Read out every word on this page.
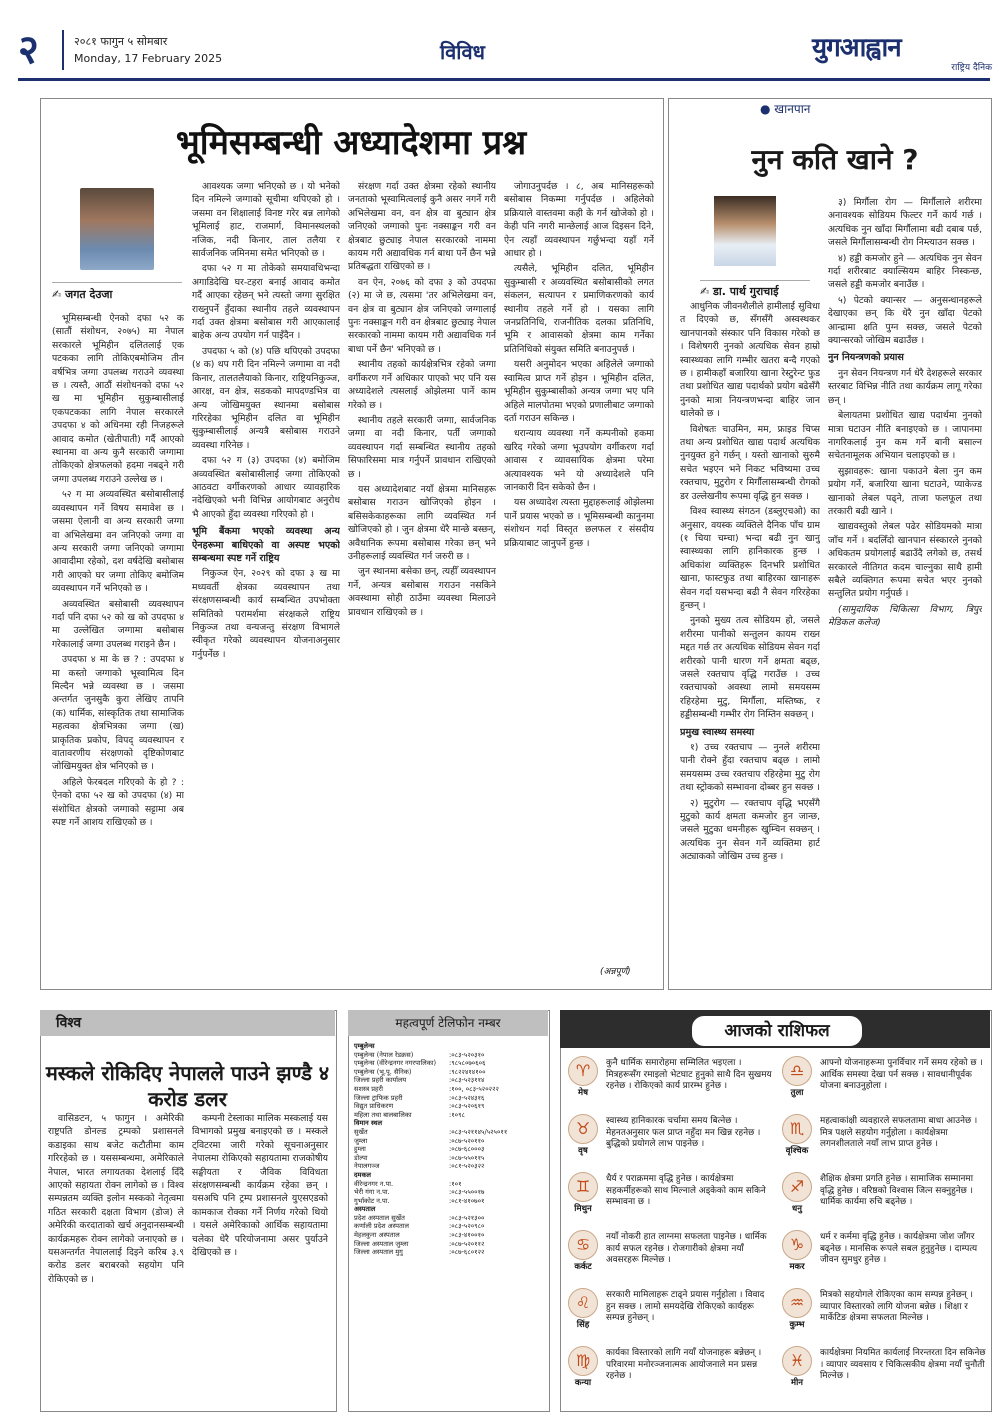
२	२०८१ फागुन ५ सोमबार
Monday, 17 February 2025	विविध	युगआह्वान
राष्ट्रिय दैनिक
भूमिसम्बन्धी अध्यादेशमा प्रश्न
✍ जगत देउजा

भूमिसम्बन्धी ऐनको दफा ५२ क (सातौं संशोधन, २०७५) मा नेपाल सरकारले भूमिहीन दलितलाई एक पटकका लागि तोकिएबमोजिम तीन वर्षभित्र जग्गा उपलब्ध गराउने व्यवस्था छ । त्यस्तै, आठौं संशोधनको दफा ५२ ख मा भूमिहीन सुकुम्बासीलाई एकपटकका लागि नेपाल सरकारले उपदफा ४ को अधिनमा रही निजहरूले आवाद कमोत (खेतीपाती) गर्दै आएको स्थानमा वा अन्य कुनै सरकारी जग्गामा तोकिएको क्षेत्रफलको हदमा नबढ्ने गरी जग्गा उपलब्ध गराउने उल्लेख छ ।

५२ ग मा अव्यवस्थित बसोबासीलाई व्यवस्थापन गर्ने विषय समावेश छ । जसमा ऐलानी वा अन्य सरकारी जग्गा वा अभिलेखमा वन जनिएको जग्गा वा अन्य सरकारी जग्गा जनिएको जग्गामा आवादीमा रहेको, दश वर्षदेखि बसोबास गरी आएको घर जग्गा तोकिए बमोजिम व्यवस्थापन गर्ने भनिएको छ ।

अव्यवस्थित बसोबासी व्यवस्थापन गर्दा पनि दफा ५२ को ख को उपदफा ४ मा उल्लेखित जग्गामा बसोबास गरेकालाई जग्गा उपलब्ध गराइने छैन ।

उपदफा ४ मा के छ ? : उपदफा ४ मा कस्तो जग्गाको भूस्वामित्व दिन मिल्दैन भन्ने व्यवस्था छ । जसमा अन्तर्गत जुनसुकै कुरा लेखिए तापनि (क) धार्मिक, सांस्कृतिक तथा सामाजिक महत्वका क्षेत्रभित्रका जग्गा (ख) प्राकृतिक प्रकोप, विपद् व्यवस्थापन र वातावरणीय संरक्षणको दृष्टिकोणबाट जोखिमयुक्त क्षेत्र भनिएको छ ।

अहिले फेरबदल गरिएको के हो ? : ऐनको दफा ५२ ख को उपदफा (४) मा संशोधित क्षेत्रको जग्गाको सट्टामा अब स्पष्ट गर्ने आशय राखिएको छ ।

आवश्यक जग्गा भनिएको छ । यो भनेको दिन नमिल्ने जग्गाको सूचीमा थपिएको हो । जसमा वन शिक्षालाई विनष्ट गरेर बन्न लागेको भूमिलाई हाट, राजमार्ग, विमानस्थलको नजिक, नदी किनार, ताल तलैया र सार्वजनिक जमिनमा समेत भनिएको छ ।

दफा ५२ ग मा तोकेको समयावधिभन्दा अगाडिदेखि घर-टहरा बनाई आवाद कमोत गर्दै आएका रहेछन् भने त्यस्तो जग्गा सुरक्षित राख्नुपर्ने हुँदाका स्थानीय तहले व्यवस्थापन गर्दा उक्त क्षेत्रमा बसोबास गरी आएकालाई बाहेक अन्य उपयोग गर्न पाइँदैन ।

उपदफा ५ को (४) पछि थपिएको उपदफा (४ क) थप गरी दिन नमिल्ने जग्गामा वा नदी किनार, तालतलैयाको किनार, राष्ट्रियनिकुञ्ज, आरक्ष, वन क्षेत्र, सडकको मापदण्डभित्र वा अन्य जोखिमयुक्त स्थानमा बसोबास गरिरहेका भूमिहीन दलित वा भूमिहीन सुकुम्बासीलाई अन्यत्रै बसोबास गराउने व्यवस्था गरिनेछ ।

दफा ५२ ग (३) उपदफा (४) बमोजिम अव्यवस्थित बसोबासीलाई जग्गा तोकिएको आठवटा वर्गीकरणको आधार व्यावहारिक नदेखिएको भनी विभिन्न आयोगबाट अनुरोध भै आएको हुँदा व्यवस्था गरिएको हो ।

भूमि बैंकमा भएको व्यवस्था अन्य ऐनहरूमा बाधिएको वा अस्पष्ट भएको सम्बन्धमा स्पष्ट गर्ने राष्ट्रिय

निकुञ्ज ऐन, २०२९ को दफा ३ ख मा मध्यवर्ती क्षेत्रका व्यवस्थापन तथा संरक्षणसम्बन्धी कार्य सम्बन्धित उपभोक्ता समितिको परामर्शमा संरक्षकले राष्ट्रिय निकुञ्ज तथा वन्यजन्तु संरक्षण विभागले स्वीकृत गरेको व्यवस्थापन योजनाअनुसार गर्नुपर्नेछ ।

संरक्षण गर्दा उक्त क्षेत्रमा रहेको स्थानीय जनताको भूस्वामित्वलाई कुनै असर नगर्ने गरी अभिलेखमा वन, वन क्षेत्र वा बुट्यान क्षेत्र जनिएको जग्गाको पुनः नक्साङ्कन गरी वन क्षेत्रबाट छुट्याइ नेपाल सरकारको नाममा कायम गरी अद्यावधिक गर्न बाधा पर्ने छैन भन्ने प्रतिबद्धता राखिएको छ ।

वन ऐन, २०७६ को दफा ३ को उपदफा (२) मा जे छ, त्यसमा 'तर अभिलेखमा वन, वन क्षेत्र वा बुट्यान क्षेत्र जनिएको जग्गालाई पुनः नक्साङ्कन गरी वन क्षेत्रबाट छुट्याइ नेपाल सरकारको नाममा कायम गरी अद्यावधिक गर्न बाधा पर्ने छैन' भनिएको छ ।

स्थानीय तहको कार्यक्षेत्रभित्र रहेको जग्गा वर्गीकरण गर्ने अधिकार पाएको भए पनि यस अध्यादेशले त्यसलाई ओझेलमा पार्ने काम गरेको छ ।

स्थानीय तहले सरकारी जग्गा, सार्वजनिक जग्गा वा नदी किनार, पर्ती जग्गाको व्यवस्थापन गर्दा सम्बन्धित स्थानीय तहको सिफारिसमा मात्र गर्नुपर्ने प्रावधान राखिएको छ ।

यस अध्यादेशबाट नयाँ क्षेत्रमा मानिसहरू बसोबास गराउन खोजिएको होइन । बसिसकेकाहरूका लागि व्यवस्थित गर्न खोजिएको हो । जुन क्षेत्रमा धेरै मान्छे बस्छन्, अवैधानिक रूपमा बसोबास गरेका छन् भने उनीहरूलाई व्यवस्थित गर्न जरुरी छ ।

जुन स्थानमा बसेका छन्, त्यहीँ व्यवस्थापन गर्ने, अन्यत्र बसोबास गराउन नसकिने अवस्थामा सोही ठाउँमा व्यवस्था मिलाउने प्रावधान राखिएको छ ।

जोगाउनुपर्दछ । ८, अब मानिसहरूको बसोबास निकम्मा गर्नुपर्दछ । अहिलेको प्रक्रियाले वास्तवमा कही के गर्न खोजेको हो । केही पनि नगरी मान्छेलाई आज दिइसन दिने, ऐन त्यहाँ व्यवस्थापन गर्छुभन्दा यहाँ गर्ने आधार हो ।

त्यसैले, भूमिहीन दलित, भूमिहीन सुकुम्बासी र अव्यवस्थित बसोबासीको लगत संकलन, सत्यापन र प्रमाणिकरणको कार्य स्थानीय तहले गर्ने हो । यसका लागि जनप्रतिनिधि, राजनीतिक दलका प्रतिनिधि, भूमि र आवासको क्षेत्रमा काम गर्नेका प्रतिनिधिको संयुक्त समिति बनाउनुपर्छ ।

यसरी अनुमोदन भएका अहिलेले जग्गाको स्वामित्व प्राप्त गर्ने होइन । भूमिहीन दलित, भूमिहीन सुकुम्बासीको अन्यत्र जग्गा भए पनि अहिले मालपोतमा भएको प्रणालीबाट जग्गाको दर्ता गराउन सकिन्छ ।

धरान्याय व्यवस्था गर्ने कम्पनीको हकमा खरिद गरेको जग्गा भूउपयोग वर्गीकरण गर्दा आवास र व्यावसायिक क्षेत्रमा परेमा अत्यावश्यक भने यो अध्यादेशले पनि जानकारी दिन सकेको छैन ।

यस अध्यादेश त्यस्ता मुद्दाहरूलाई ओझेलमा पार्ने प्रयास भएको छ । भूमिसम्बन्धी कानुनमा संशोधन गर्दा विस्तृत छलफल र संसदीय प्रक्रियाबाट जानुपर्ने हुन्छ ।

(अन्नपूर्ण)
● खानपान
नुन कति खाने ?
✍ डा. पार्थ गुराचाई

आधुनिक जीवनशैलीले हामीलाई सुविधा त दिएको छ, सँगसँगै अस्वस्थकर खानपानको संस्कार पनि विकास गरेको छ । विशेषगरी नुनको अत्यधिक सेवन हाम्रो स्वास्थ्यका लागि गम्भीर खतरा बन्दै गएको छ । हामीकहाँ बजारिया खाना रेस्टुरेन्ट फुड तथा प्रशोधित खाद्य पदार्थको प्रयोग बढेसँगै नुनको मात्रा नियन्त्रणभन्दा बाहिर जान थालेको छ ।

विशेषतः चाउमिन, मम, फ्राइड चिप्स तथा अन्य प्रशोधित खाद्य पदार्थ अत्यधिक नुनयुक्त हुने गर्छन् । यस्तो खानाको सुरुमै सचेत भइएन भने निकट भविष्यमा उच्च रक्तचाप, मुटुरोग र मिर्गौलासम्बन्धी रोगको डर उल्लेखनीय रूपमा वृद्धि हुन सक्छ ।

विश्व स्वास्थ्य संगठन (डब्लुएचओ) का अनुसार, वयस्क व्यक्तिले दैनिक पाँच ग्राम (१ चिया चम्चा) भन्दा बढी नुन खानु स्वास्थ्यका लागि हानिकारक हुन्छ । अधिकांश व्यक्तिहरू दिनभरि प्रशोधित खाना, फास्टफुड तथा बाहिरका खानाहरू सेवन गर्दा यसभन्दा बढी नै सेवन गरिरहेका हुन्छन् ।

नुनको मुख्य तत्व सोडियम हो, जसले शरीरमा पानीको सन्तुलन कायम राख्न मद्दत गर्छ तर अत्यधिक सोडियम सेवन गर्दा शरीरको पानी धारण गर्ने क्षमता बढ्छ, जसले रक्तचाप वृद्धि गराउँछ । उच्च रक्तचापको अवस्था लामो समयसम्म रहिरहेमा मुटु, मिर्गौला, मस्तिष्क, र हड्डीसम्बन्धी गम्भीर रोग निम्तिन सक्छन् ।

प्रमुख स्वास्थ्य समस्या

१) उच्च रक्तचाप — नुनले शरीरमा पानी रोक्ने हुँदा रक्तचाप बढ्छ । लामो समयसम्म उच्च रक्तचाप रहिरहेमा मुटु रोग तथा स्ट्रोकको सम्भावना दोब्बर हुन सक्छ ।

२) मुटुरोग — रक्तचाप वृद्धि भएसँगै मुटुको कार्य क्षमता कमजोर हुन जान्छ, जसले मुटुका धमनीहरू खुम्चिन सक्छन् । अत्यधिक नुन सेवन गर्ने व्यक्तिमा हार्ट अट्याकको जोखिम उच्च हुन्छ ।

३) मिर्गौला रोग — मिर्गौलाले शरीरमा अनावश्यक सोडियम फिल्टर गर्ने कार्य गर्छ । अत्यधिक नुन खाँदा मिर्गौलामा बढी दबाब पर्छ, जसले मिर्गौलासम्बन्धी रोग निम्त्याउन सक्छ ।

४) हड्डी कमजोर हुने — अत्यधिक नुन सेवन गर्दा शरीरबाट क्याल्सियम बाहिर निस्कन्छ, जसले हड्डी कमजोर बनाउँछ ।

५) पेटको क्यान्सर — अनुसन्धानहरूले देखाएका छन् कि धेरै नुन खाँदा पेटको आन्द्रामा क्षति पुग्न सक्छ, जसले पेटको क्यान्सरको जोखिम बढाउँछ ।

नुन नियन्त्रणको प्रयास

नुन सेवन नियन्त्रण गर्न धेरै देशहरूले सरकार स्तरबाट विभिन्न नीति तथा कार्यक्रम लागू गरेका छन् ।

बेलायतमा प्रशोधित खाद्य पदार्थमा नुनको मात्रा घटाउन नीति बनाइएको छ । जापानमा नागरिकलाई नुन कम गर्ने बानी बसाल्न सचेतनामूलक अभियान चलाइएको छ ।

सुझावहरू: खाना पकाउने बेला नुन कम प्रयोग गर्ने, बजारिया खाना घटाउने, प्याकेज्ड खानाको लेबल पढ्ने, ताजा फलफूल तथा तरकारी बढी खाने ।

खाद्यवस्तुको लेबल पढेर सोडियमको मात्रा जाँच गर्ने । बदलिँदो खानपान संस्कारले नुनको अधिकतम प्रयोगलाई बढाउँदै लगेको छ, तसर्थ सरकारले नीतिगत कदम चाल्नुका साथै हामी सबैले व्यक्तिगत रूपमा सचेत भएर नुनको सन्तुलित प्रयोग गर्नुपर्छ ।

(सामुदायिक चिकित्सा विभाग, त्रिपुर मेडिकल कलेज)

विश्व
मस्कले रोकिदिए नेपालले पाउने झण्डै ४ करोड डलर

वासिङटन, ५ फागुन । अमेरिकी राष्ट्रपति डोनल्ड ट्रम्पको प्रशासनले कडाइका साथ बजेट कटौतीमा काम गरिरहेको छ । यससम्बन्धमा, अमेरिकाले नेपाल, भारत लगायतका देशलाई दिँदै आएको सहायता रोक्न लागेको छ । विश्व सम्पन्नतम व्यक्ति इलोन मस्कको नेतृत्वमा गठित सरकारी दक्षता विभाग (डोज) ले अमेरिकी करदाताको खर्च अनुदानसम्बन्धी कार्यक्रमहरू रोक्न लागेको जनाएको छ । यसअन्तर्गत नेपाललाई दिइने करिब ३.९ करोड डलर बराबरको सहयोग पनि रोकिएको छ ।

कम्पनी टेस्लाका मालिक मस्कलाई यस विभागको प्रमुख बनाइएको छ । मस्कले ट्विटरमा जारी गरेको सूचनाअनुसार नेपालमा रोकिएको सहायतामा राजकोषीय सङ्घीयता र जैविक विविधता संरक्षणसम्बन्धी कार्यक्रम रहेका छन् । यसअघि पनि ट्रम्प प्रशासनले युएसएडको कामकाज रोक्का गर्ने निर्णय गरेको थियो । यसले अमेरिकाको आर्थिक सहायतामा चलेका धेरै परियोजनामा असर पुर्याउने देखिएको छ ।

महत्वपूर्ण टेलिफोन नम्बर
एम्बुलेन्स
एम्बुलेन्स (नेपाल रेडक्रस)	: ०८३-५२०३१०
एम्बुलेन्स (वीरेन्द्रनगर नगरपालिका)	: ९८५८०७०६०६
एम्बुलेन्स (भू.पू. सैनिक)	: ९८२२४१४१००
जिल्ला प्रहरी कार्यालय	: ०८३-५२३११४
सशस्त्र प्रहरी	: १००, ०८३-५२०२२२
जिल्ला ट्राफिक प्रहरी	: ०८३-५२४३१६
विद्युत प्राधिकरण	: ०८३-५२०६१९
महिला तथा बालबालिका	: १०९८
विमान स्थल
सुर्खेत	: ०८३-५२११४५/५२५०११
जुम्ला	: ०८७-५२०११०
हुम्ला	: ०८७-६८०००३
डोल्पा	: ०८७-५५०११५
नेपालगञ्ज	: ०८१-५२०३२२
दमकल
वीरेन्द्रनगर न.पा.	: १०१
भेरी गंगा न.पा.	: ०८३-५५००१७
गुर्भाकोट न.पा.	: ०८१-४१०७०१
अस्पताल
प्रदेश अस्पताल सुर्खेत	: ०८३-५२१३००
कर्णाली प्रदेश अस्पताल	: ०८३-५२०९८०
मेहलकुना अस्पताल	: ०८३-४१००१०
जिल्ला अस्पताल जुम्ला	: ०८७-५२०११२
जिल्ला अस्पताल मुगु	: ०८७-६८०१२२
आजको राशिफल
♈
मेष
कुनै धार्मिक समारोहमा सम्मिलित भइएला । मित्रहरूसँग रमाइलो भेटघाट हुनुको साथै दिन सुखमय रहनेछ । रोकिएको कार्य प्रारम्भ हुनेछ ।
♎
तुला
आफ्नो योजनाहरूमा पुनर्विचार गर्ने समय रहेको छ । आर्थिक समस्या देखा पर्न सक्छ । सावधानीपूर्वक योजना बनाउनुहोला ।
♉
वृष
स्वास्थ्य हानिकारक चर्चामा समय बित्नेछ । मेहनतअनुसार फल प्राप्त नहुँदा मन खिन्न रहनेछ । बुद्धिको प्रयोगले लाभ पाइनेछ ।
♏
वृश्चिक
महत्वाकांक्षी व्यवहारले सफलतामा बाधा आउनेछ । मित्र पक्षले सहयोग गर्नुहोला । कार्यक्षेत्रमा लगनशीलताले नयाँ लाभ प्राप्त हुनेछ ।
♊
मिथुन
धैर्य र पराक्रममा वृद्धि हुनेछ । कार्यक्षेत्रमा सहकर्मीहरूको साथ मिल्नाले अड्केको काम सकिने सम्भावना छ ।
♐
धनु
शैक्षिक क्षेत्रमा प्रगति हुनेछ । सामाजिक सम्मानमा वृद्धि हुनेछ । वरिष्ठको विश्वास जित्न सक्नुहुनेछ । धार्मिक कार्यमा रुचि बढ्नेछ ।
♋
कर्कट
नयाँ नोकरी हात लाग्नमा सफलता पाइनेछ । धार्मिक कार्य सफल रहनेछ । रोजगारीको क्षेत्रमा नयाँ अवसरहरू मिल्नेछ ।
♑
मकर
धर्म र कर्ममा वृद्धि हुनेछ । कार्यक्षेत्रमा जोश जाँगर बढ्नेछ । मानसिक रूपले सबल हुनुहुनेछ । दाम्पत्य जीवन सुमधुर हुनेछ ।
♌
सिंह
सरकारी मामिलाहरू टाढ्ने प्रयास गर्नुहोला । विवाद हुन सक्छ । लामो समयदेखि रोकिएको कार्यहरू सम्पन्न हुनेछन् ।
♒
कुम्भ
मित्रको सहयोगले रोकिएका काम सम्पन्न हुनेछन् । व्यापार विस्तारको लागि योजना बन्नेछ । शिक्षा र मार्केटिङ क्षेत्रमा सफलता मिल्नेछ ।
♍
कन्या
कार्यका विस्तारको लागि नयाँ योजनाहरू बन्नेछन् । परिवारमा मनोरञ्जनात्मक आयोजनाले मन प्रसन्न रहनेछ ।
♓
मीन
कार्यक्षेत्रमा नियमित कार्यलाई निरन्तरता दिन सकिनेछ । व्यापार व्यवसाय र चिकित्सकीय क्षेत्रमा नयाँ चुनौती मिल्नेछ ।
